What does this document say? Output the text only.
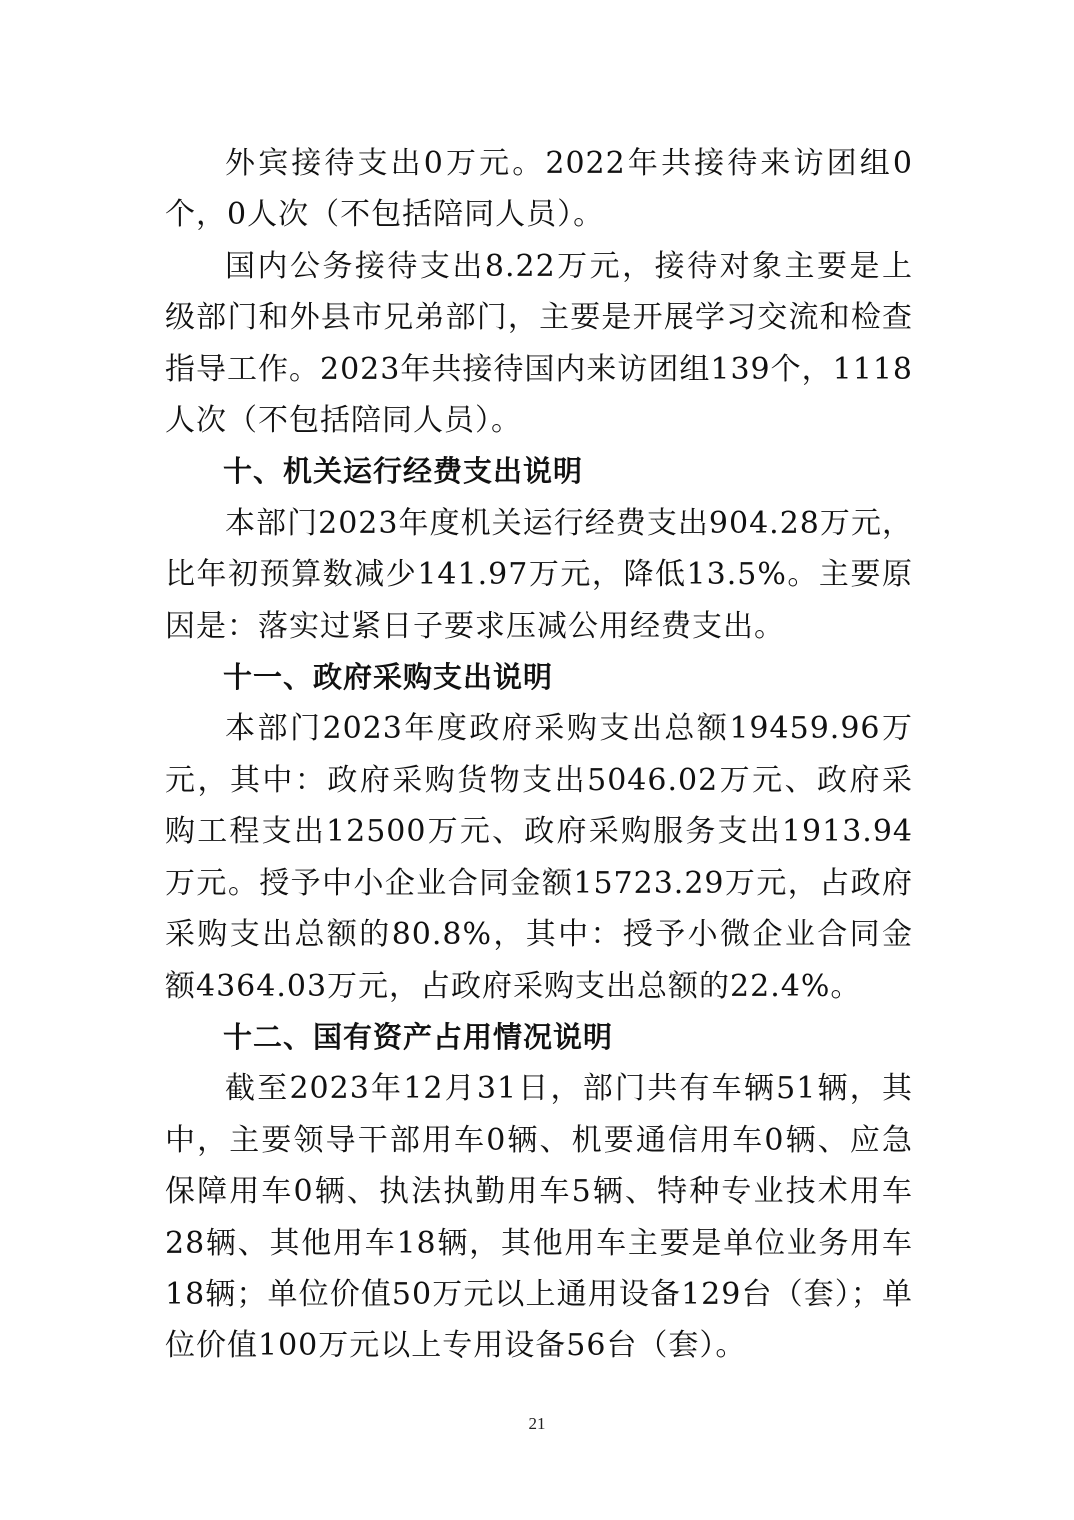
外宾接待支出0万元。2022年共接待来访团组0个，0人次（不包括陪同人员）。

国内公务接待支出8.22万元，接待对象主要是上级部门和外县市兄弟部门，主要是开展学习交流和检查指导工作。2023年共接待国内来访团组139个，1118人次（不包括陪同人员）。

十、机关运行经费支出说明

本部门2023年度机关运行经费支出904.28万元，比年初预算数减少141.97万元，降低13.5%。主要原因是：落实过紧日子要求压减公用经费支出。

十一、政府采购支出说明

本部门2023年度政府采购支出总额19459.96万元，其中：政府采购货物支出5046.02万元、政府采购工程支出12500万元、政府采购服务支出1913.94万元。授予中小企业合同金额15723.29万元，占政府采购支出总额的80.8%，其中：授予小微企业合同金额4364.03万元，占政府采购支出总额的22.4%。

十二、国有资产占用情况说明

截至2023年12月31日，部门共有车辆51辆，其中，主要领导干部用车0辆、机要通信用车0辆、应急保障用车0辆、执法执勤用车5辆、特种专业技术用车28辆、其他用车18辆，其他用车主要是单位业务用车18辆；单位价值50万元以上通用设备129台（套）；单位价值100万元以上专用设备56台（套）。

21
